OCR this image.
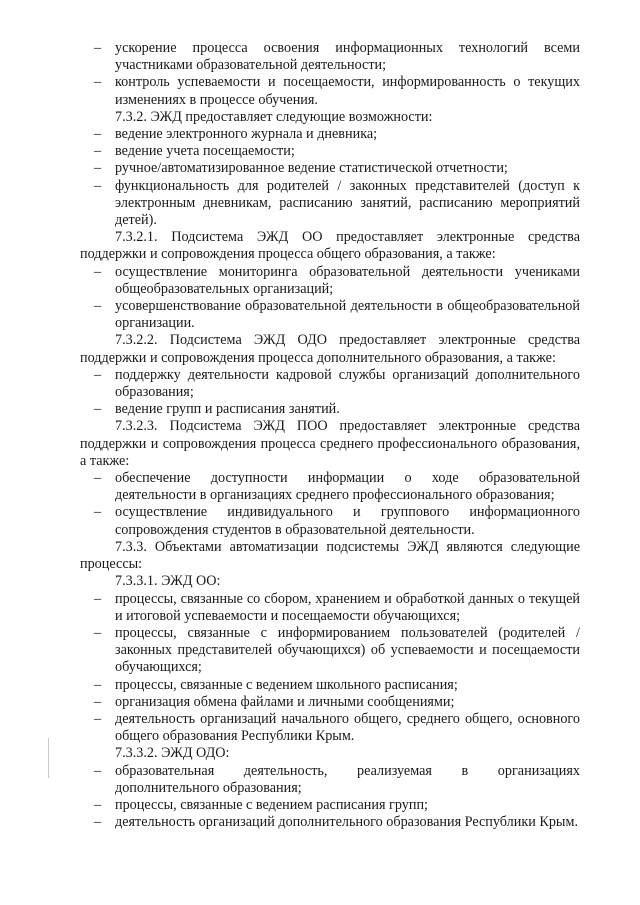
– ускорение процесса освоения информационных технологий всеми участниками образовательной деятельности;
– контроль успеваемости и посещаемости, информированность о текущих изменениях в процессе обучения.
7.3.2. ЭЖД предоставляет следующие возможности:
– ведение электронного журнала и дневника;
– ведение учета посещаемости;
– ручное/автоматизированное ведение статистической отчетности;
– функциональность для родителей / законных представителей (доступ к электронным дневникам, расписанию занятий, расписанию мероприятий детей).
7.3.2.1. Подсистема ЭЖД ОО предоставляет электронные средства поддержки и сопровождения процесса общего образования, а также:
– осуществление мониторинга образовательной деятельности учениками общеобразовательных организаций;
– усовершенствование образовательной деятельности в общеобразовательной организации.
7.3.2.2. Подсистема ЭЖД ОДО предоставляет электронные средства поддержки и сопровождения процесса дополнительного образования, а также:
– поддержку деятельности кадровой службы организаций дополнительного образования;
– ведение групп и расписания занятий.
7.3.2.3. Подсистема ЭЖД ПОО предоставляет электронные средства поддержки и сопровождения процесса среднего профессионального образования, а также:
– обеспечение доступности информации о ходе образовательной деятельности в организациях среднего профессионального образования;
– осуществление индивидуального и группового информационного сопровождения студентов в образовательной деятельности.
7.3.3. Объектами автоматизации подсистемы ЭЖД являются следующие процессы:
7.3.3.1. ЭЖД ОО:
– процессы, связанные со сбором, хранением и обработкой данных о текущей и итоговой успеваемости и посещаемости обучающихся;
– процессы, связанные с информированием пользователей (родителей / законных представителей обучающихся) об успеваемости и посещаемости обучающихся;
– процессы, связанные с ведением школьного расписания;
– организация обмена файлами и личными сообщениями;
– деятельность организаций начального общего, среднего общего, основного общего образования Республики Крым.
7.3.3.2. ЭЖД ОДО:
– образовательная деятельность, реализуемая в организациях дополнительного образования;
– процессы, связанные с ведением расписания групп;
– деятельность организаций дополнительного образования Республики Крым.
